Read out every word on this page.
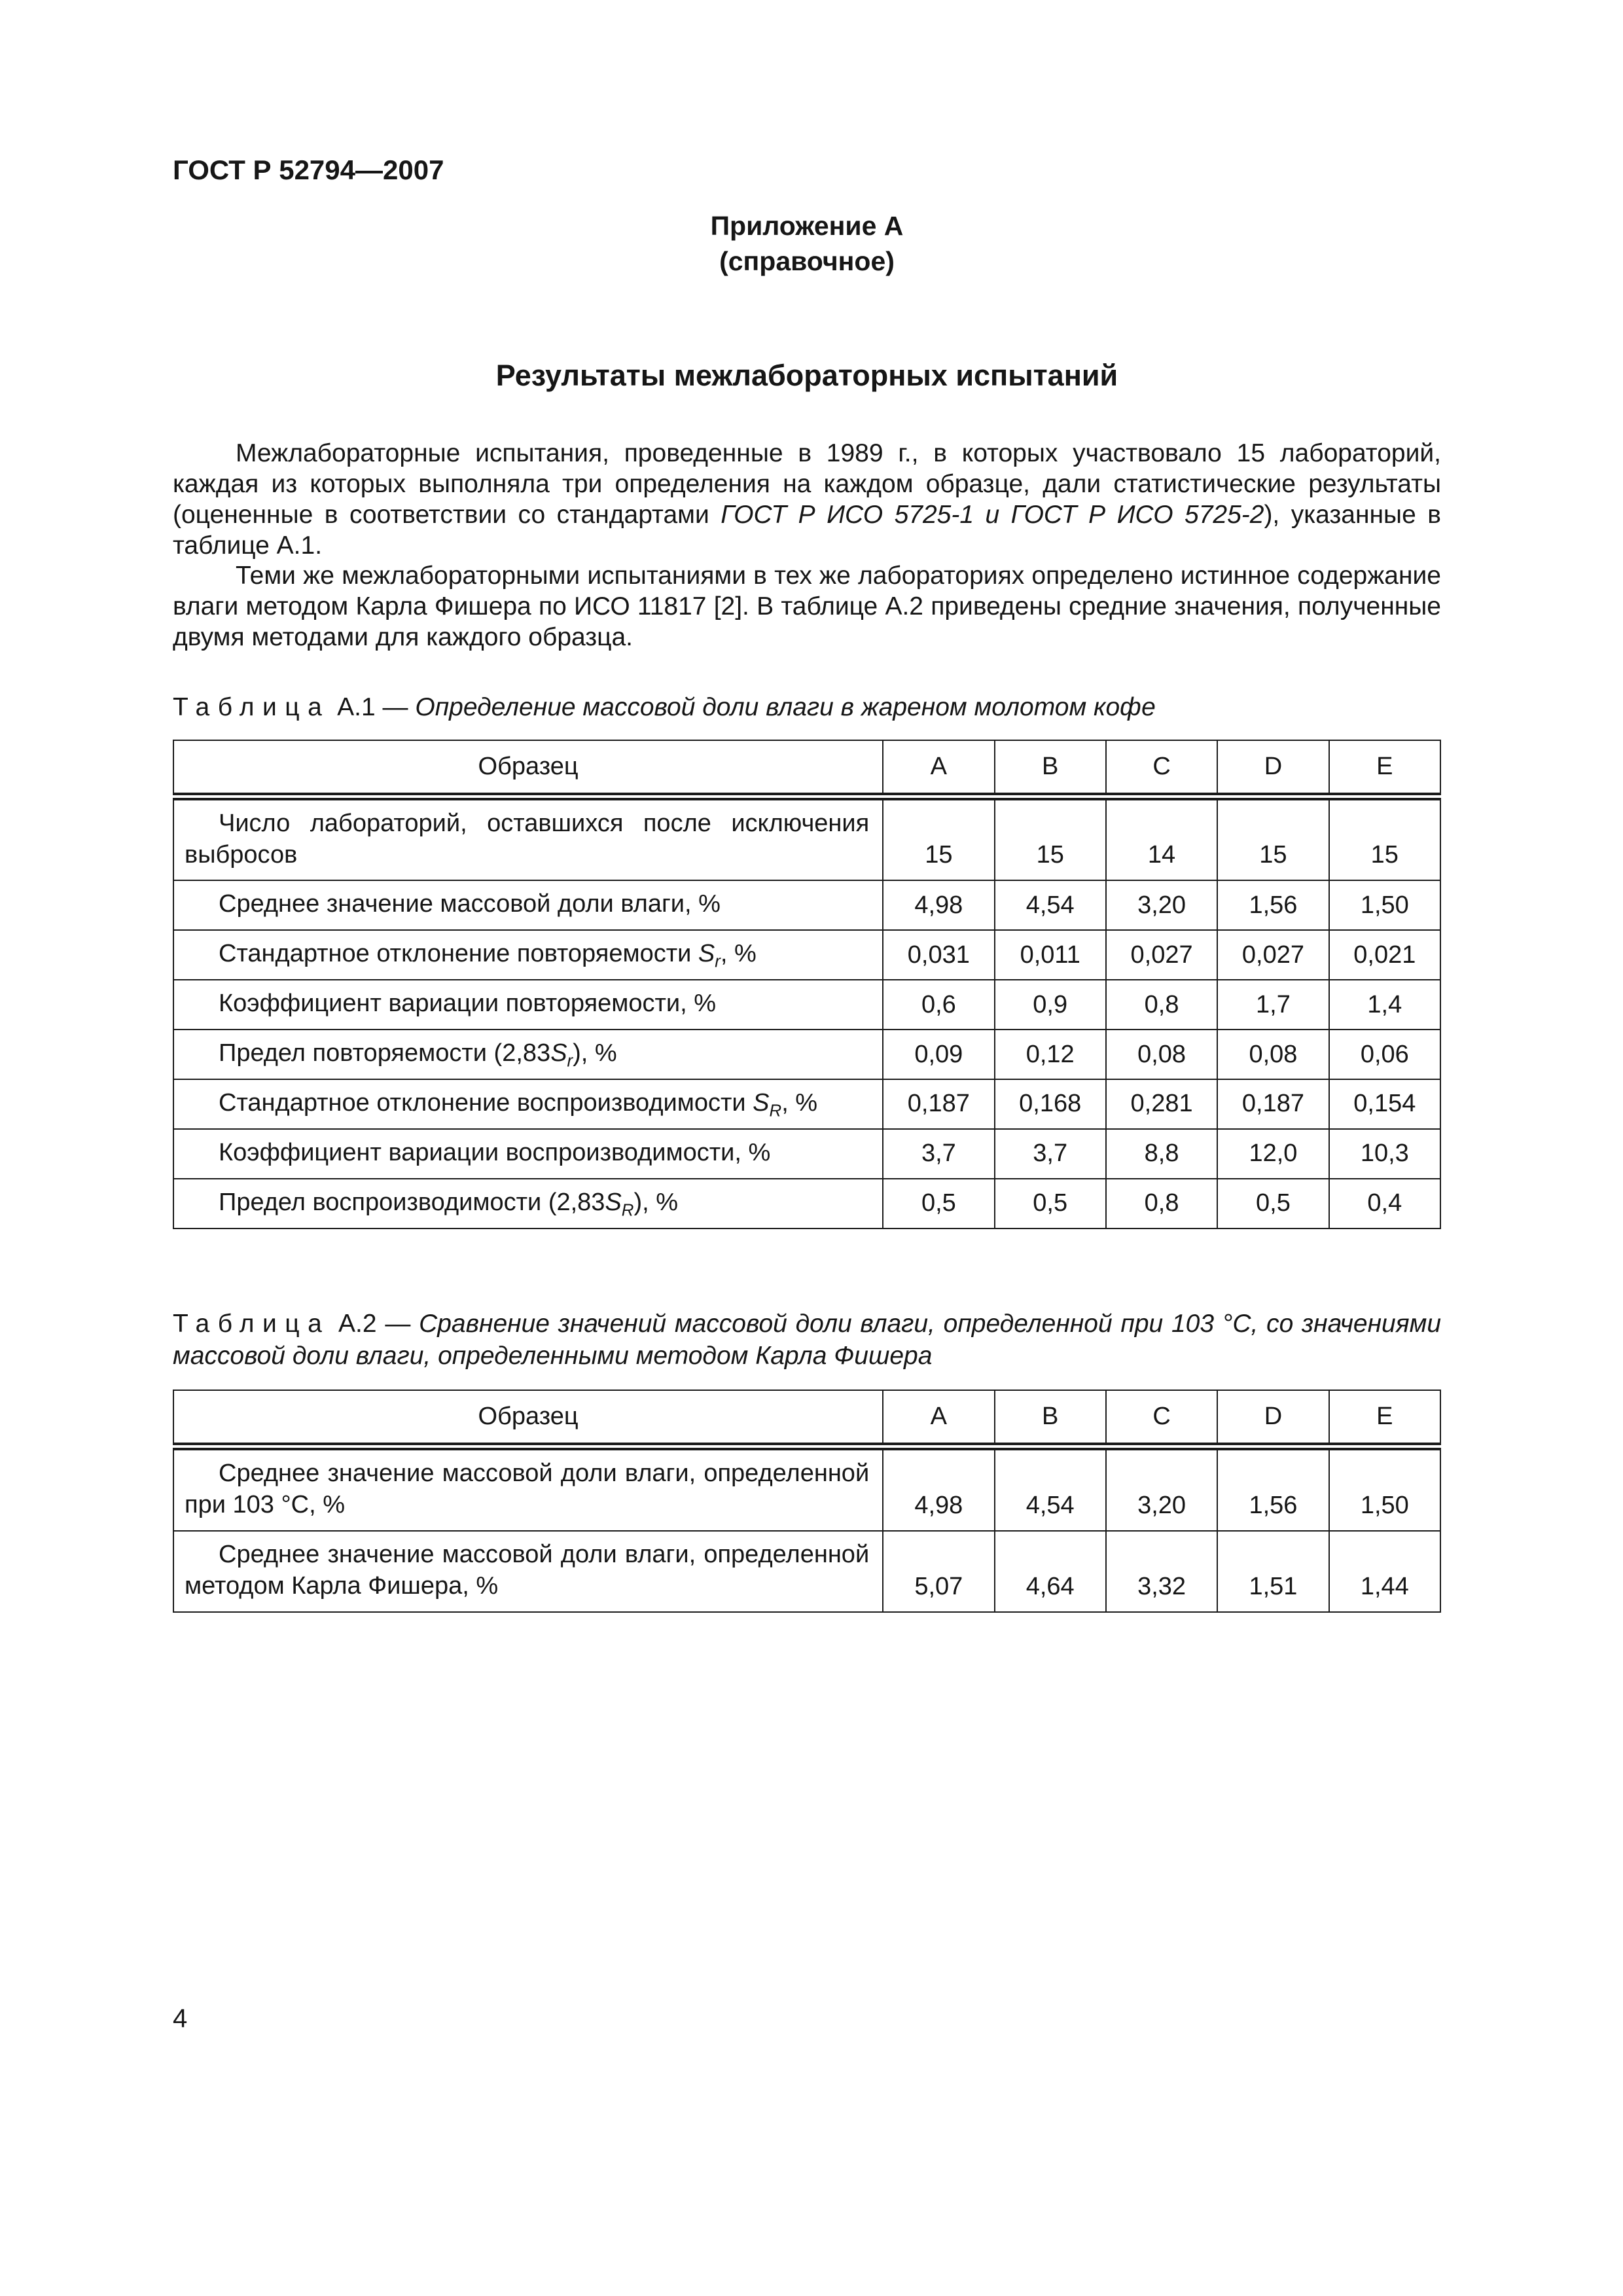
ГОСТ Р 52794—2007
Приложение А
(справочное)
Результаты межлабораторных испытаний

Межлабораторные испытания, проведенные в 1989 г., в которых участвовало 15 лабораторий, каждая из которых выполняла три определения на каждом образце, дали статистические результаты (оцененные в соответствии со стандартами ГОСТ Р ИСО 5725-1 и ГОСТ Р ИСО 5725-2), указанные в таблице А.1.

Теми же межлабораторными испытаниями в тех же лабораториях определено истинное содержание влаги методом Карла Фишера по ИСО 11817 [2]. В таблице А.2 приведены средние значения, полученные двумя методами для каждого образца.

Таблица А.1 — Определение массовой доли влаги в жареном молотом кофе

Образец	A	B	C	D	E
Число лабораторий, оставшихся после исключения выбросов	15	15	14	15	15
Среднее значение массовой доли влаги, %	4,98	4,54	3,20	1,56	1,50
Стандартное отклонение повторяемости $S_r$, %	0,031	0,011	0,027	0,027	0,021
Коэффициент вариации повторяемости, %	0,6	0,9	0,8	1,7	1,4
Предел повторяемости $(2,83S_r)$, %	0,09	0,12	0,08	0,08	0,06
Стандартное отклонение воспроизводимости $S_R$, %	0,187	0,168	0,281	0,187	0,154
Коэффициент вариации воспроизводимости, %	3,7	3,7	8,8	12,0	10,3
Предел воспроизводимости $(2,83S_R)$, %	0,5	0,5	0,8	0,5	0,4

Таблица А.2 — Сравнение значений массовой доли влаги, определенной при 103 °С, со значениями массовой доли влаги, определенными методом Карла Фишера

Образец	A	B	C	D	E
Среднее значение массовой доли влаги, определенной при 103 °С, %	4,98	4,54	3,20	1,56	1,50
Среднее значение массовой доли влаги, определенной методом Карла Фишера, %	5,07	4,64	3,32	1,51	1,44
4
